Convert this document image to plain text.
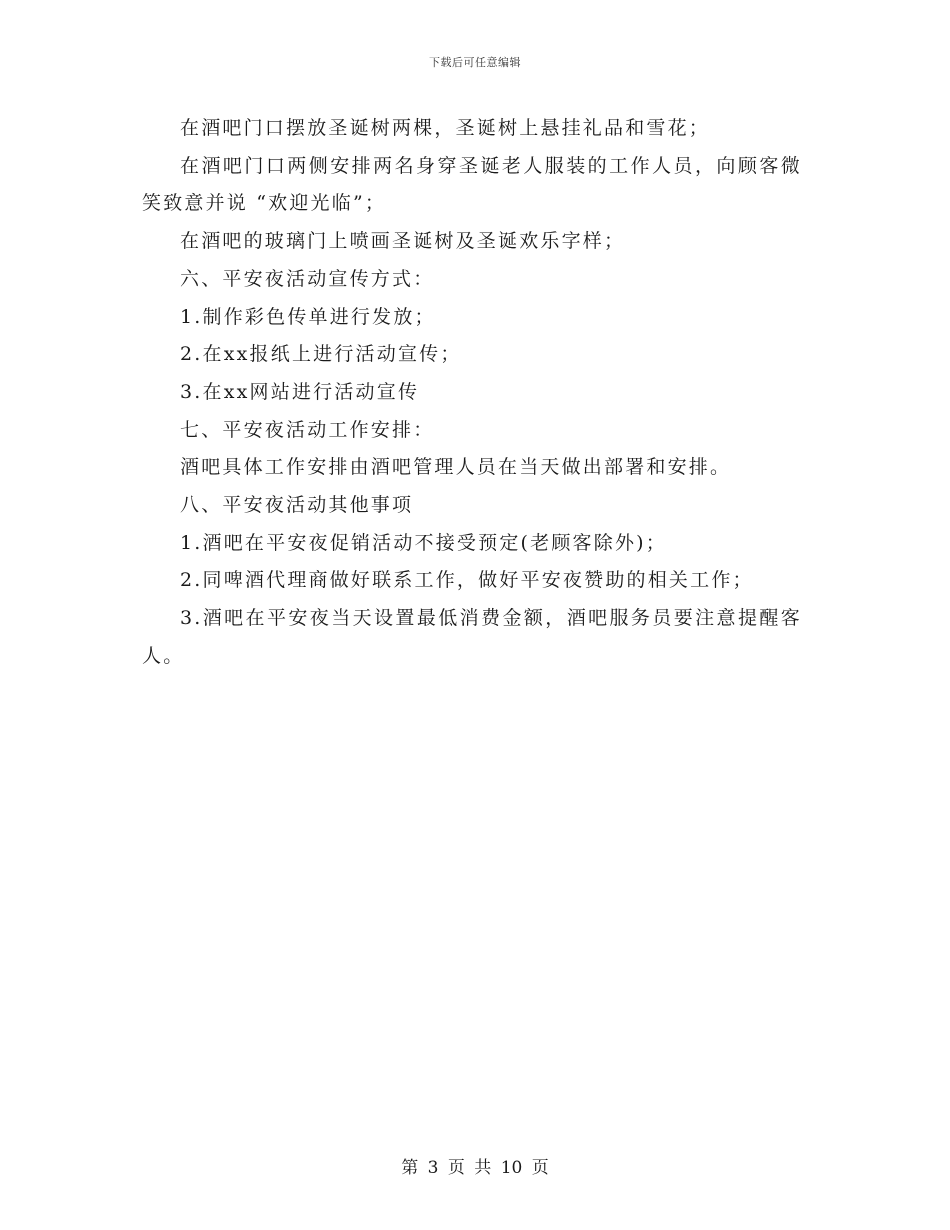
下载后可任意编辑

在酒吧门口摆放圣诞树两棵，圣诞树上悬挂礼品和雪花；

在酒吧门口两侧安排两名身穿圣诞老人服装的工作人员，向顾客微笑致意并说 “欢迎光临”；

在酒吧的玻璃门上喷画圣诞树及圣诞欢乐字样；

六、平安夜活动宣传方式：

1.制作彩色传单进行发放；

2.在xx报纸上进行活动宣传；

3.在xx网站进行活动宣传

七、平安夜活动工作安排：

酒吧具体工作安排由酒吧管理人员在当天做出部署和安排。

八、平安夜活动其他事项

1.酒吧在平安夜促销活动不接受预定(老顾客除外)；

2.同啤酒代理商做好联系工作，做好平安夜赞助的相关工作；

3.酒吧在平安夜当天设置最低消费金额，酒吧服务员要注意提醒客人。

第 3 页 共 10 页
